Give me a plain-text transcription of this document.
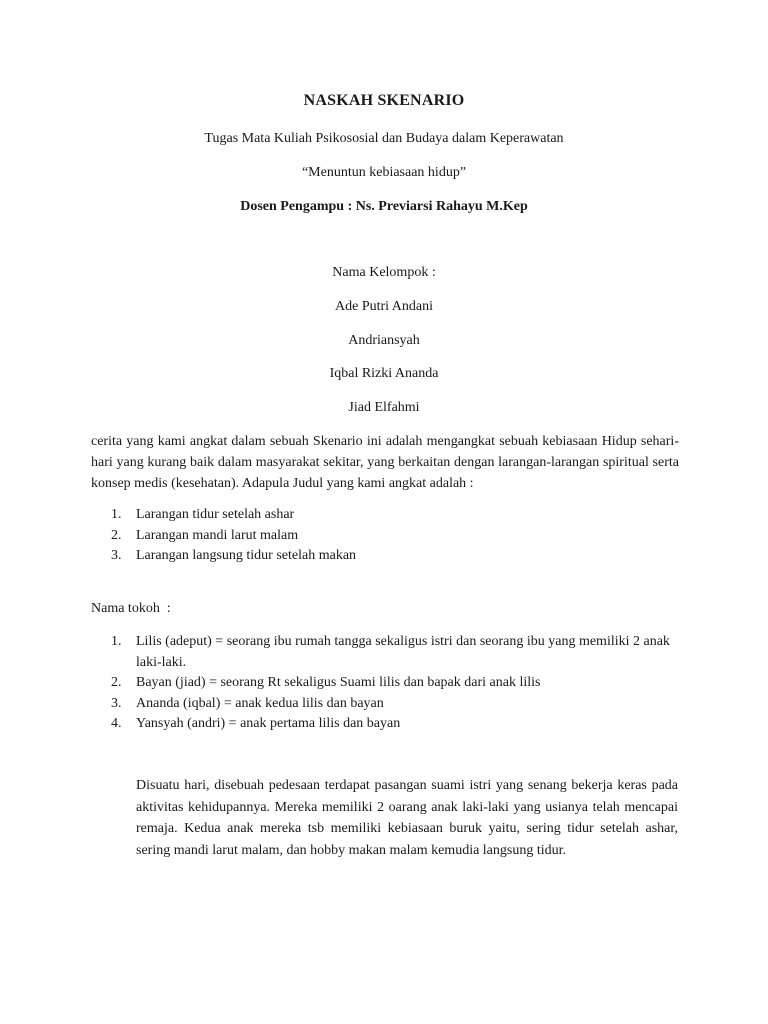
NASKAH SKENARIO
Tugas Mata Kuliah Psikososial dan Budaya dalam Keperawatan
“Menuntun kebiasaan hidup”
Dosen Pengampu : Ns. Previarsi Rahayu M.Kep
Nama Kelompok :
Ade Putri Andani
Andriansyah
Iqbal Rizki Ananda
Jiad Elfahmi
cerita yang kami angkat dalam sebuah Skenario ini adalah mengangkat sebuah kebiasaan Hidup sehari-hari yang kurang baik dalam masyarakat sekitar, yang berkaitan dengan larangan-larangan spiritual serta konsep medis (kesehatan). Adapula Judul yang kami angkat adalah :
1. Larangan tidur setelah ashar
2. Larangan mandi larut malam
3. Larangan langsung tidur setelah makan
Nama tokoh  :
1. Lilis (adeput) = seorang ibu rumah tangga sekaligus istri dan seorang ibu yang memiliki 2 anak laki-laki.
2. Bayan (jiad) = seorang Rt sekaligus Suami lilis dan bapak dari anak lilis
3. Ananda (iqbal) = anak kedua lilis dan bayan
4. Yansyah (andri) = anak pertama lilis dan bayan
Disuatu hari, disebuah pedesaan terdapat pasangan suami istri yang senang bekerja keras pada aktivitas kehidupannya. Mereka memiliki 2 oarang anak laki-laki yang usianya telah mencapai remaja. Kedua anak mereka tsb memiliki kebiasaan buruk yaitu, sering tidur setelah ashar, sering mandi larut malam, dan hobby makan malam kemudia langsung tidur.
